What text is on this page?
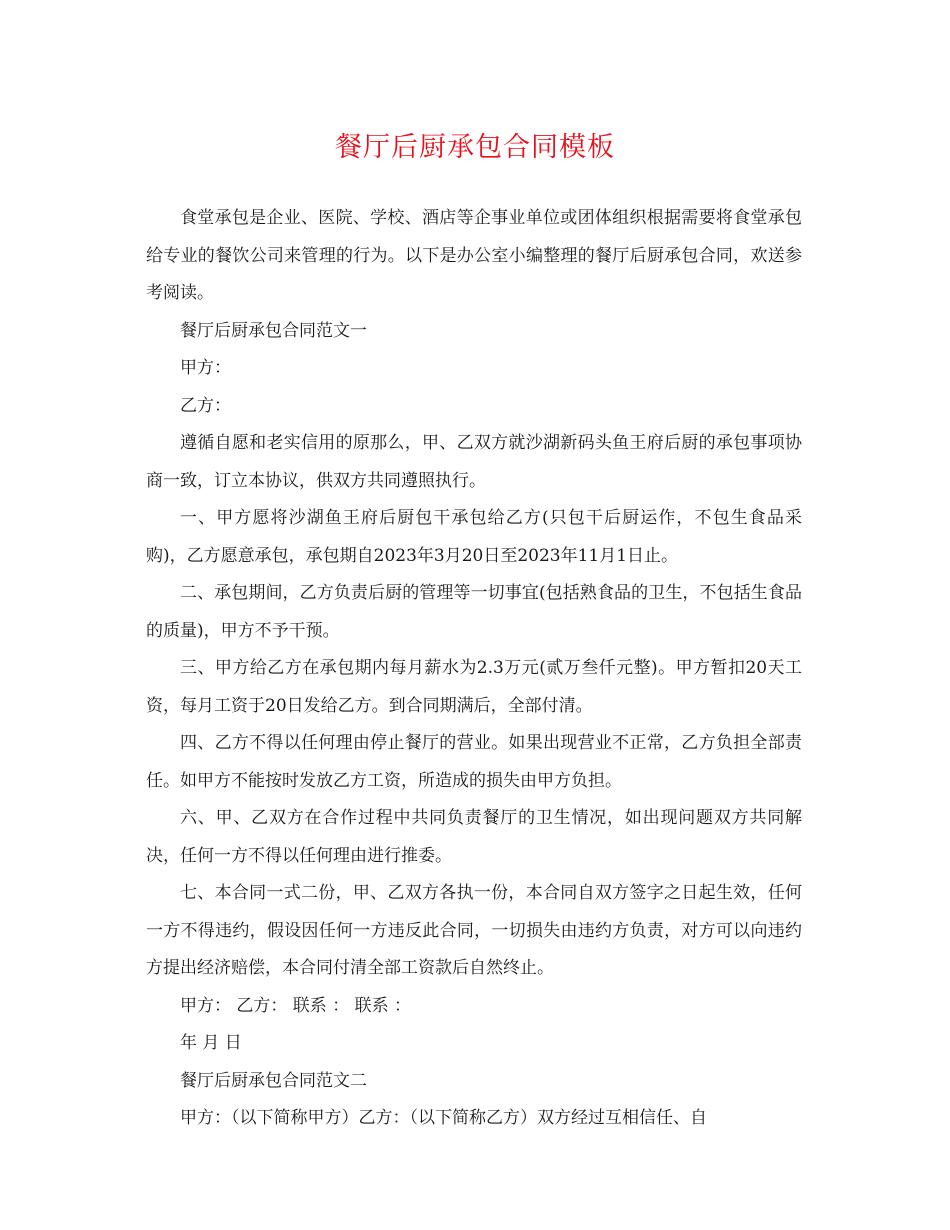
餐厅后厨承包合同模板

食堂承包是企业、医院、学校、酒店等企事业单位或团体组织根据需要将食堂承包给专业的餐饮公司来管理的行为。以下是办公室小编整理的餐厅后厨承包合同，欢送参考阅读。

餐厅后厨承包合同范文一

甲方：

乙方：

遵循自愿和老实信用的原那么，甲、乙双方就沙湖新码头鱼王府后厨的承包事项协商一致，订立本协议，供双方共同遵照执行。

一、甲方愿将沙湖鱼王府后厨包干承包给乙方(只包干后厨运作，不包生食品采购)，乙方愿意承包，承包期自2023年3月20日至2023年11月1日止。

二、承包期间，乙方负责后厨的管理等一切事宜(包括熟食品的卫生，不包括生食品的质量)，甲方不予干预。

三、甲方给乙方在承包期内每月薪水为2.3万元(贰万叁仟元整)。甲方暂扣20天工资，每月工资于20日发给乙方。到合同期满后，全部付清。

四、乙方不得以任何理由停止餐厅的营业。如果出现营业不正常，乙方负担全部责任。如甲方不能按时发放乙方工资，所造成的损失由甲方负担。

六、甲、乙双方在合作过程中共同负责餐厅的卫生情况，如出现问题双方共同解决，任何一方不得以任何理由进行推委。

七、本合同一式二份，甲、乙双方各执一份，本合同自双方签字之日起生效，任何一方不得违约，假设因任何一方违反此合同，一切损失由违约方负责，对方可以向违约方提出经济赔偿，本合同付清全部工资款后自然终止。

甲方： 乙方： 联系 ： 联系 ：

年 月 日

餐厅后厨承包合同范文二

甲方：（以下简称甲方）乙方：（以下简称乙方）双方经过互相信任、自
